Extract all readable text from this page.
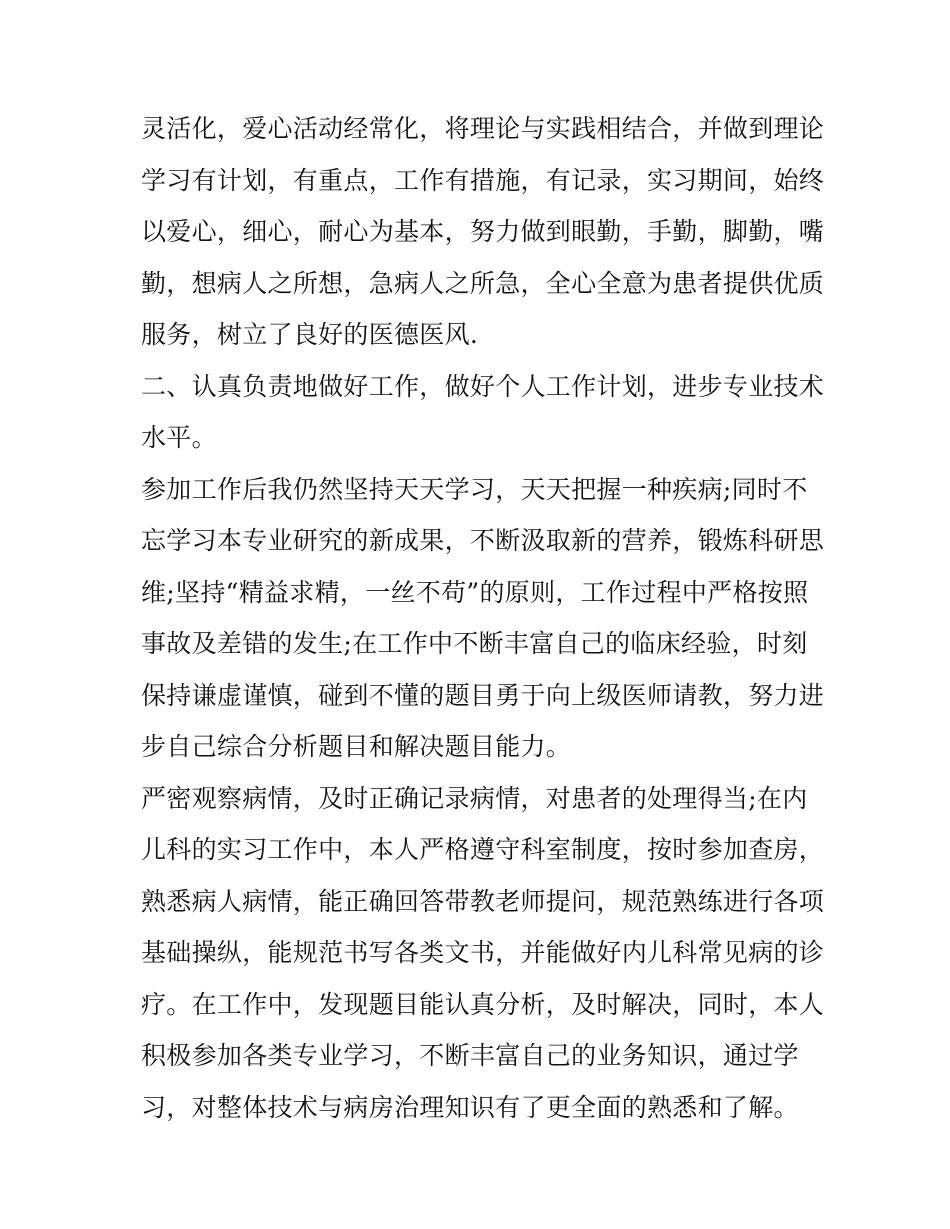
灵活化，爱心活动经常化，将理论与实践相结合，并做到理论
学习有计划，有重点，工作有措施，有记录，实习期间，始终
以爱心，细心，耐心为基本，努力做到眼勤，手勤，脚勤，嘴
勤，想病人之所想，急病人之所急，全心全意为患者提供优质
服务，树立了良好的医德医风.
二、认真负责地做好工作，做好个人工作计划，进步专业技术
水平。
参加工作后我仍然坚持天天学习，天天把握一种疾病;同时不
忘学习本专业研究的新成果，不断汲取新的营养，锻炼科研思
维;坚持“精益求精，一丝不苟”的原则，工作过程中严格按照
事故及差错的发生;在工作中不断丰富自己的临床经验，时刻
保持谦虚谨慎，碰到不懂的题目勇于向上级医师请教，努力进
步自己综合分析题目和解决题目能力。
严密观察病情，及时正确记录病情，对患者的处理得当;在内
儿科的实习工作中，本人严格遵守科室制度，按时参加查房，
熟悉病人病情，能正确回答带教老师提问，规范熟练进行各项
基础操纵，能规范书写各类文书，并能做好内儿科常见病的诊
疗。在工作中，发现题目能认真分析，及时解决，同时，本人
积极参加各类专业学习，不断丰富自己的业务知识，通过学
习，对整体技术与病房治理知识有了更全面的熟悉和了解。
